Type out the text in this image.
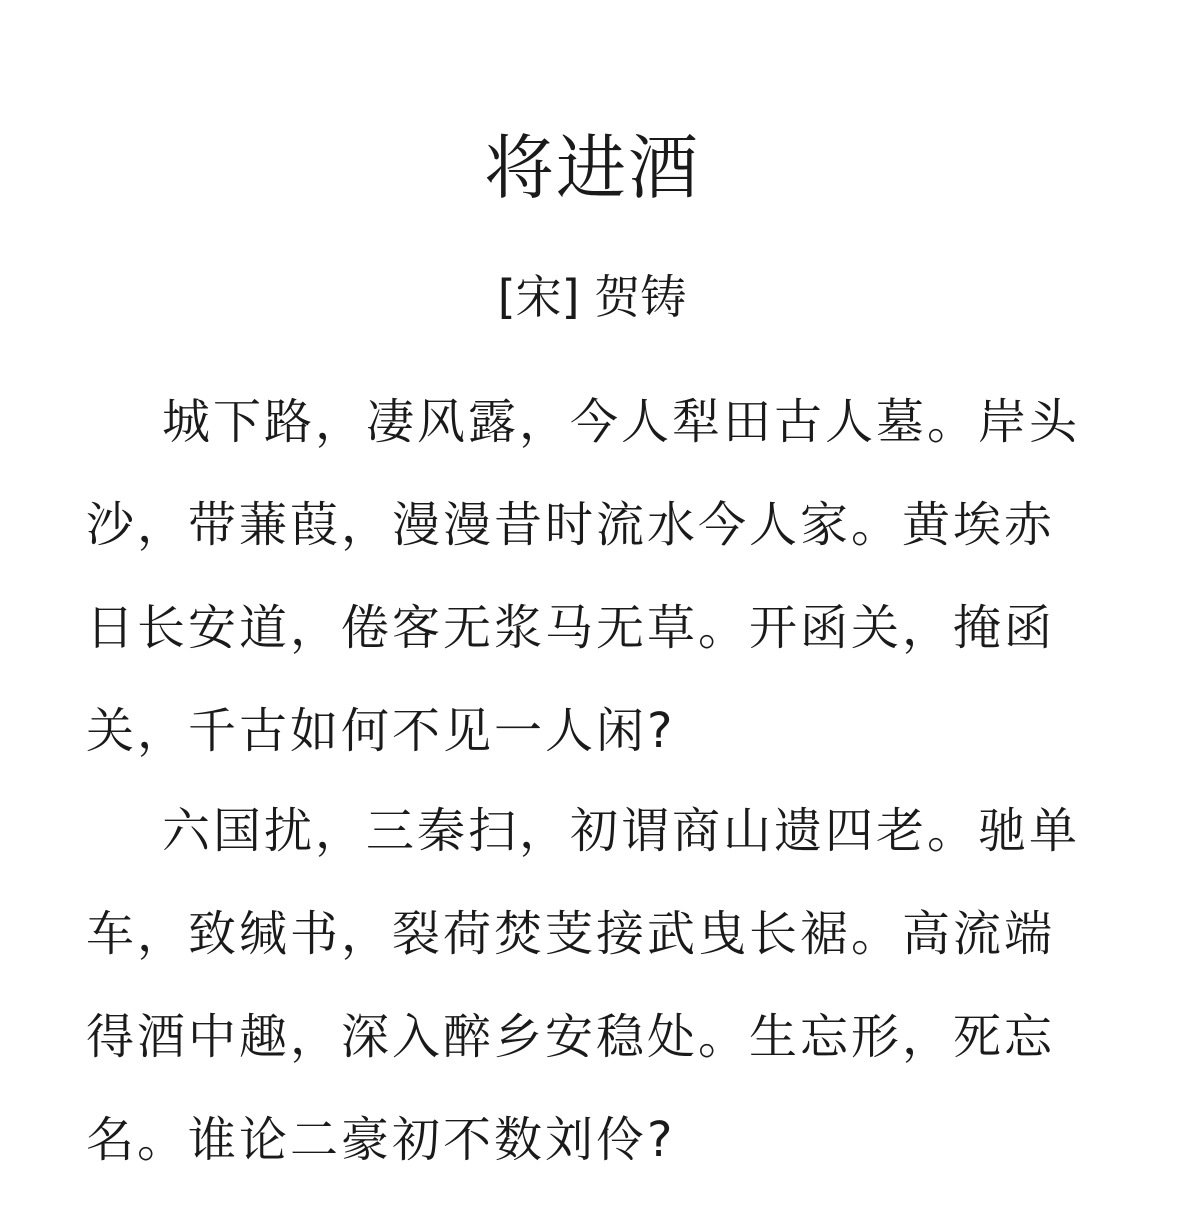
将进酒
[宋] 贺铸

城下路，凄风露，今人犁田古人墓。岸头沙，带蒹葭，漫漫昔时流水今人家。黄埃赤日长安道，倦客无浆马无草。开函关，掩函关，千古如何不见一人闲?

六国扰，三秦扫，初谓商山遗四老。驰单车，致缄书，裂荷焚芰接武曳长裾。高流端得酒中趣，深入醉乡安稳处。生忘形，死忘名。谁论二豪初不数刘伶?
